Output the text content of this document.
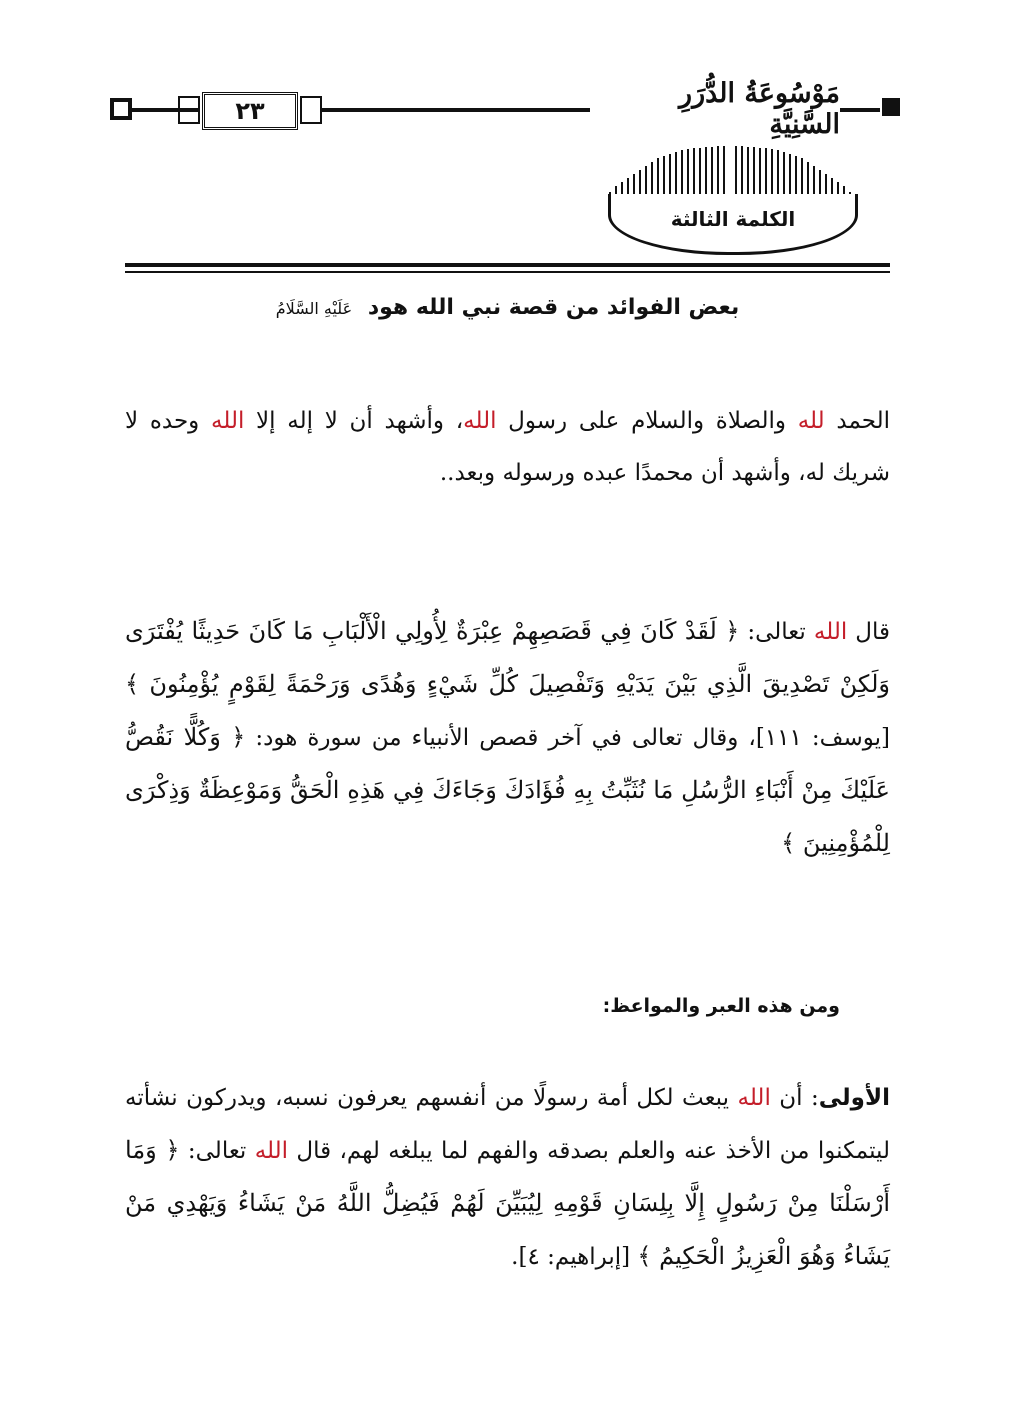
٢٣
مَوْسُوعَةُ الدُّرَرِ السَّنِيَّةِ
الكلمة الثالثة
بعض الفوائد من قصة نبي الله هود عَلَيْهِ السَّلَامُ
الحمد لله والصلاة والسلام على رسول الله، وأشهد أن لا إله إلا الله وحده لا شريك له، وأشهد أن محمدًا عبده ورسوله وبعد..
قال الله تعالى: ﴿ لَقَدْ كَانَ فِي قَصَصِهِمْ عِبْرَةٌ لِأُولِي الْأَلْبَابِ مَا كَانَ حَدِيثًا يُفْتَرَى وَلَكِنْ تَصْدِيقَ الَّذِي بَيْنَ يَدَيْهِ وَتَفْصِيلَ كُلِّ شَيْءٍ وَهُدًى وَرَحْمَةً لِقَوْمٍ يُؤْمِنُونَ ﴾ [يوسف: ١١١]، وقال تعالى في آخر قصص الأنبياء من سورة هود: ﴿ وَكُلًّا نَقُصُّ عَلَيْكَ مِنْ أَنْبَاءِ الرُّسُلِ مَا نُثَبِّتُ بِهِ فُؤَادَكَ وَجَاءَكَ فِي هَذِهِ الْحَقُّ وَمَوْعِظَةٌ وَذِكْرَى لِلْمُؤْمِنِينَ ﴾
ومن هذه العبر والمواعظ:
الأولى: أن الله يبعث لكل أمة رسولًا من أنفسهم يعرفون نسبه، ويدركون نشأته ليتمكنوا من الأخذ عنه والعلم بصدقه والفهم لما يبلغه لهم، قال الله تعالى: ﴿ وَمَا أَرْسَلْنَا مِنْ رَسُولٍ إِلَّا بِلِسَانِ قَوْمِهِ لِيُبَيِّنَ لَهُمْ فَيُضِلُّ اللَّهُ مَنْ يَشَاءُ وَيَهْدِي مَنْ يَشَاءُ وَهُوَ الْعَزِيزُ الْحَكِيمُ ﴾ [إبراهيم: ٤].
